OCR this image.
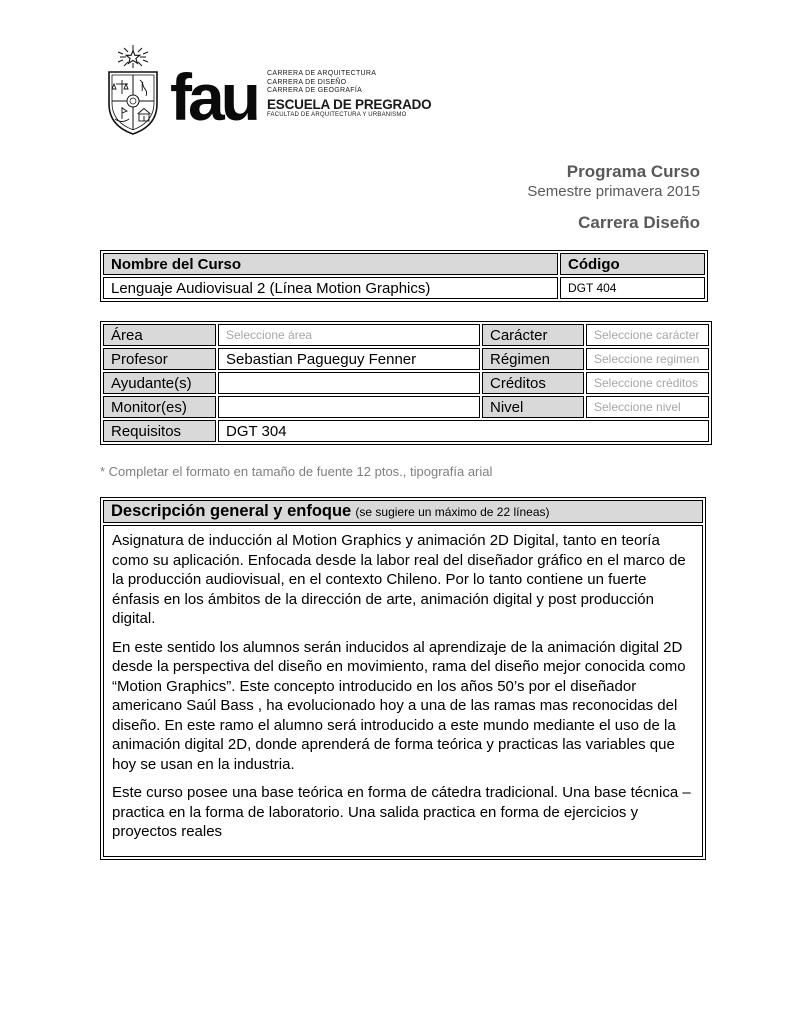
fau CARRERA DE ARQUITECTURA
CARRERA DE DISEÑO
CARRERA DE GEOGRAFÍA
ESCUELA DE PREGRADO
FACULTAD DE ARQUITECTURA Y URBANISMO
Programa Curso
Semestre primavera 2015
Carrera Diseño
Nombre del Curso	Código
Lenguaje Audiovisual 2 (Línea Motion Graphics)	DGT 404
Área	Seleccione área	Carácter	Seleccione carácter
Profesor	Sebastian Pagueguy Fenner	Régimen	Seleccione regimen
Ayudante(s)		Créditos	Seleccione créditos
Monitor(es)		Nivel	Seleccione nivel
Requisitos	DGT 304		
* Completar el formato en tamaño de fuente 12 ptos., tipografía arial
Descripción general y enfoque (se sugiere un máximo de 22 líneas)

Asignatura de inducción al Motion Graphics y animación 2D Digital, tanto en teoría como su aplicación. Enfocada desde la labor real del diseñador gráfico en el marco de la producción audiovisual, en el contexto Chileno. Por lo tanto contiene un fuerte énfasis en los ámbitos de la dirección de arte, animación digital y post producción digital.

En este sentido los alumnos serán inducidos al aprendizaje de la animación digital 2D desde la perspectiva del diseño en movimiento, rama del diseño mejor conocida como “Motion Graphics”. Este concepto introducido en los años 50’s por el diseñador americano Saúl Bass , ha evolucionado hoy a una de las ramas mas reconocidas del diseño. En este ramo el alumno será introducido a este mundo mediante el uso de la animación digital 2D, donde aprenderá de forma teórica y practicas las variables que hoy se usan en la industria.

Este curso posee una base teórica en forma de cátedra tradicional. Una base técnica – practica en la forma de laboratorio. Una salida practica en forma de ejercicios y proyectos reales
